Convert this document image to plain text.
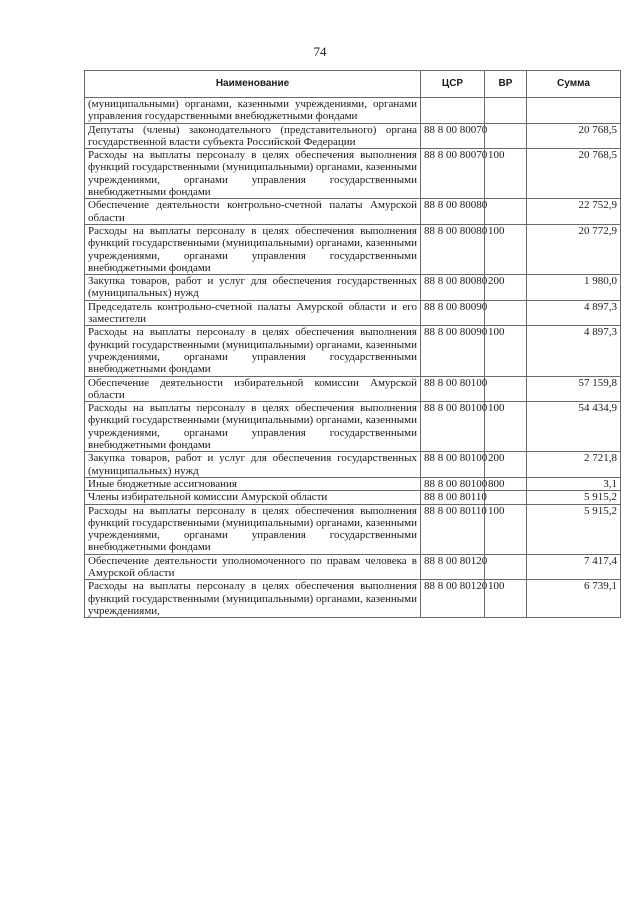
74
Наименование	ЦСР	ВР	Сумма
(муниципальными) органами, казенными учреждениями, органами управления государственными внебюджетными фондами			
Депутаты (члены) законодательного (представительного) органа государственной власти субъекта Российской Федерации	88 8 00 80070		20 768,5
Расходы на выплаты персоналу в целях обеспечения выполнения функций государственными (муниципальными) органами, казенными учреждениями, органами управления государственными внебюджетными фондами	88 8 00 80070	100	20 768,5
Обеспечение деятельности контрольно-счетной палаты Амурской области	88 8 00 80080		22 752,9
Расходы на выплаты персоналу в целях обеспечения выполнения функций государственными (муниципальными) органами, казенными учреждениями, органами управления государственными внебюджетными фондами	88 8 00 80080	100	20 772,9
Закупка товаров, работ и услуг для обеспечения государственных (муниципальных) нужд	88 8 00 80080	200	1 980,0
Председатель контрольно-счетной палаты Амурской области и его заместители	88 8 00 80090		4 897,3
Расходы на выплаты персоналу в целях обеспечения выполнения функций государственными (муниципальными) органами, казенными учреждениями, органами управления государственными внебюджетными фондами	88 8 00 80090	100	4 897,3
Обеспечение деятельности избирательной комиссии Амурской области	88 8 00 80100		57 159,8
Расходы на выплаты персоналу в целях обеспечения выполнения функций государственными (муниципальными) органами, казенными учреждениями, органами управления государственными внебюджетными фондами	88 8 00 80100	100	54 434,9
Закупка товаров, работ и услуг для обеспечения государственных (муниципальных) нужд	88 8 00 80100	200	2 721,8
Иные бюджетные ассигнования	88 8 00 80100	800	3,1
Члены избирательной комиссии Амурской области	88 8 00 80110		5 915,2
Расходы на выплаты персоналу в целях обеспечения выполнения функций государственными (муниципальными) органами, казенными учреждениями, органами управления государственными внебюджетными фондами	88 8 00 80110	100	5 915,2
Обеспечение деятельности уполномоченного по правам человека в Амурской области	88 8 00 80120		7 417,4
Расходы на выплаты персоналу в целях обеспечения выполнения функций государственными (муниципальными) органами, казенными учреждениями,	88 8 00 80120	100	6 739,1
